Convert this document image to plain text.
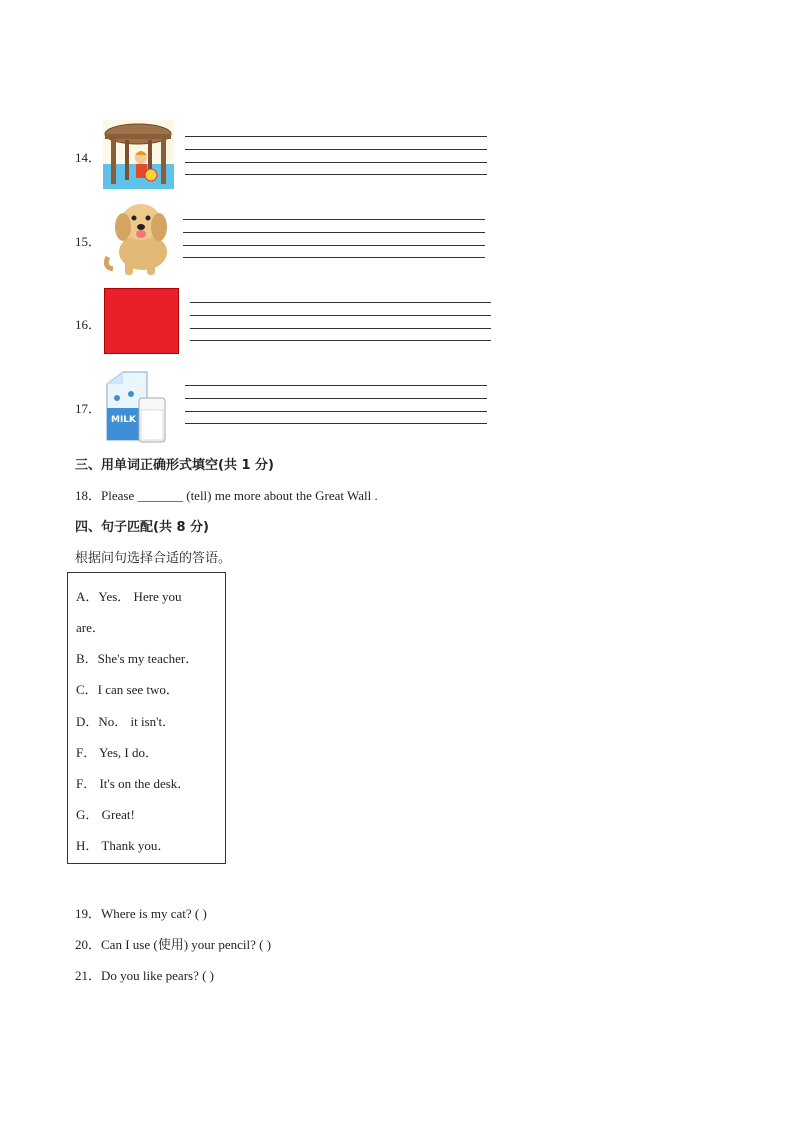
14．
15．
16．
17．
MILK
三、用单词正确形式填空(共 1 分)
18．Please _______ (tell) me more about the Great Wall .
四、句子匹配(共 8 分)
根据问句选择合适的答语。
A．Yes． Here you
are．
B．She's my teacher．
C．I can see two．
D．No． it isn't．
F． Yes, I do．
F． It's on the desk．
G． Great!
H． Thank you．
19．Where is my cat? ( )
20．Can I use (使用) your pencil? ( )
21．Do you like pears? ( )
